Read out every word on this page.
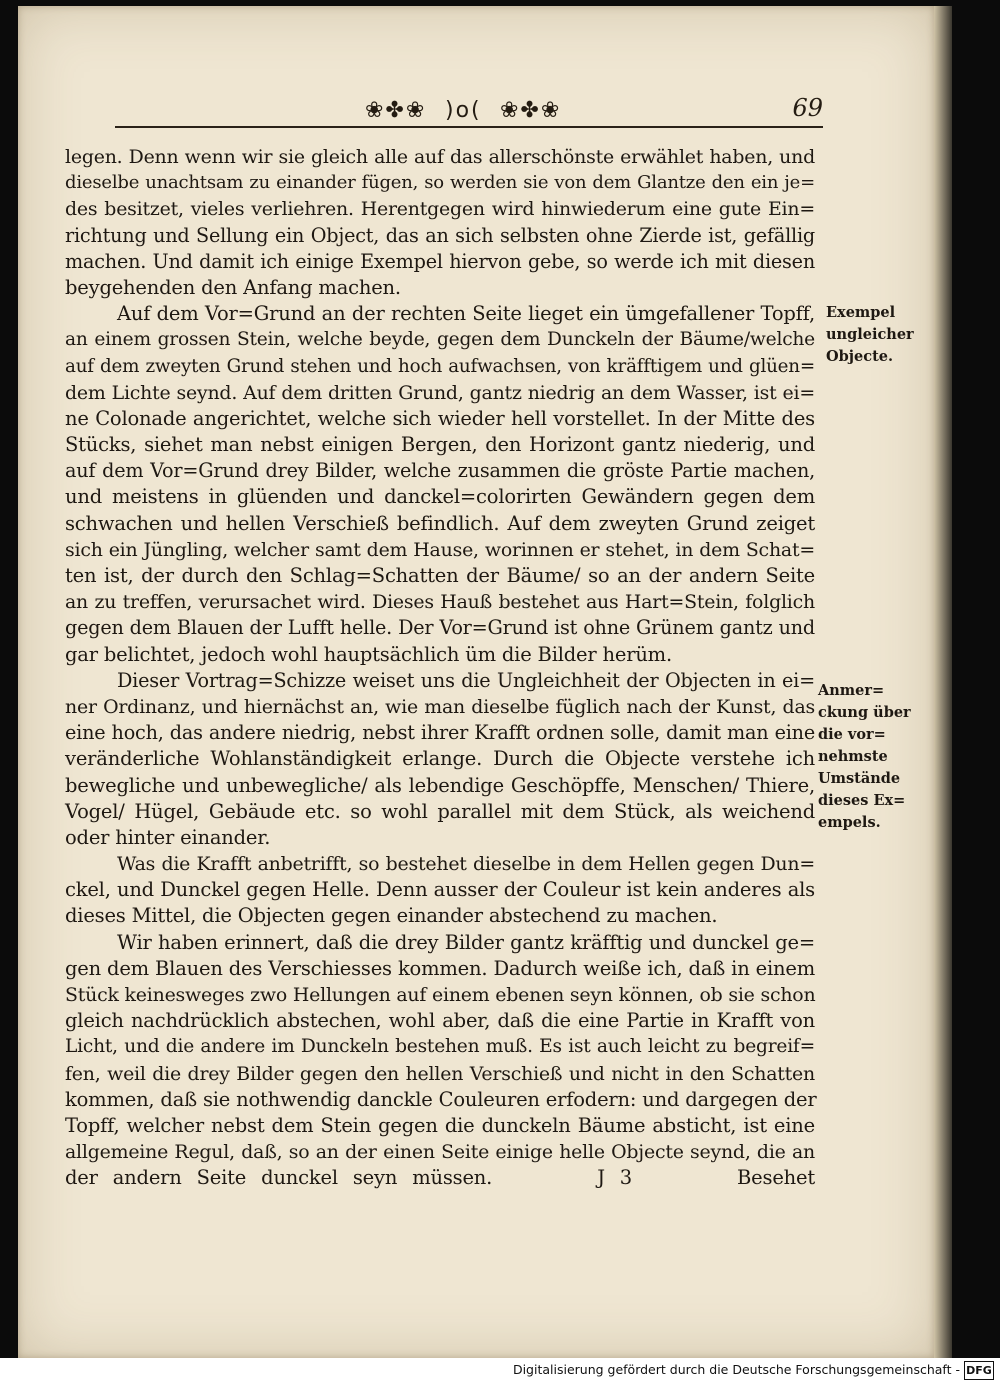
❀✤❀ )o( ❀✤❀	69
legen. Denn wenn wir sie gleich alle auf das allerschönste erwählet haben, und
dieselbe unachtsam zu einander fügen, so werden sie von dem Glantze den ein je=
des besitzet, vieles verliehren. Herentgegen wird hinwiederum eine gute Ein=
richtung und Sellung ein Object, das an sich selbsten ohne Zierde ist, gefällig
machen. Und damit ich einige Exempel hiervon gebe, so werde ich mit diesen
beygehenden den Anfang machen.
Auf dem Vor=Grund an der rechten Seite lieget ein ümgefallener Topff,
an einem grossen Stein, welche beyde, gegen dem Dunckeln der Bäume/welche
auf dem zweyten Grund stehen und hoch aufwachsen, von kräfftigem und glüen=
dem Lichte seynd. Auf dem dritten Grund, gantz niedrig an dem Wasser, ist ei=
ne Colonade angerichtet, welche sich wieder hell vorstellet. In der Mitte des
Stücks, siehet man nebst einigen Bergen, den Horizont gantz niederig, und
auf dem Vor=Grund drey Bilder, welche zusammen die gröste Partie machen,
und meistens in glüenden und danckel=colorirten Gewändern gegen dem
schwachen und hellen Verschieß befindlich. Auf dem zweyten Grund zeiget
sich ein Jüngling, welcher samt dem Hause, worinnen er stehet, in dem Schat=
ten ist, der durch den Schlag=Schatten der Bäume/ so an der andern Seite
an zu treffen, verursachet wird. Dieses Hauß bestehet aus Hart=Stein, folglich
gegen dem Blauen der Lufft helle. Der Vor=Grund ist ohne Grünem gantz und
gar belichtet, jedoch wohl hauptsächlich üm die Bilder herüm.
Dieser Vortrag=Schizze weiset uns die Ungleichheit der Objecten in ei=
ner Ordinanz, und hiernächst an, wie man dieselbe füglich nach der Kunst, das
eine hoch, das andere niedrig, nebst ihrer Krafft ordnen solle, damit man eine
veränderliche Wohlanständigkeit erlange. Durch die Objecte verstehe ich
bewegliche und unbewegliche/ als lebendige Geschöpffe, Menschen/ Thiere,
Vogel/ Hügel, Gebäude etc. so wohl parallel mit dem Stück, als weichend
oder hinter einander.
Was die Krafft anbetrifft, so bestehet dieselbe in dem Hellen gegen Dun=
ckel, und Dunckel gegen Helle. Denn ausser der Couleur ist kein anderes als
dieses Mittel, die Objecten gegen einander abstechend zu machen.
Wir haben erinnert, daß die drey Bilder gantz kräfftig und dunckel ge=
gen dem Blauen des Verschiesses kommen. Dadurch weiße ich, daß in einem
Stück keinesweges zwo Hellungen auf einem ebenen seyn können, ob sie schon
gleich nachdrücklich abstechen, wohl aber, daß die eine Partie in Krafft von
Licht, und die andere im Dunckeln bestehen muß. Es ist auch leicht zu begreif=
fen, weil die drey Bilder gegen den hellen Verschieß und nicht in den Schatten
kommen, daß sie nothwendig danckle Couleuren erfodern: und dargegen der
Topff, welcher nebst dem Stein gegen die dunckeln Bäume absticht, ist eine
allgemeine Regul, daß, so an der einen Seite einige helle Objecte seynd, die an
der andern Seite dunckel seyn müssen.       J 3       Besehet
Exempel
ungleicher
Objecte.
Anmer=
ckung über
die vor=
nehmste
Umstände
dieses Ex=
empels.
Digitalisierung gefördert durch die Deutsche Forschungsgemeinschaft - DFG
